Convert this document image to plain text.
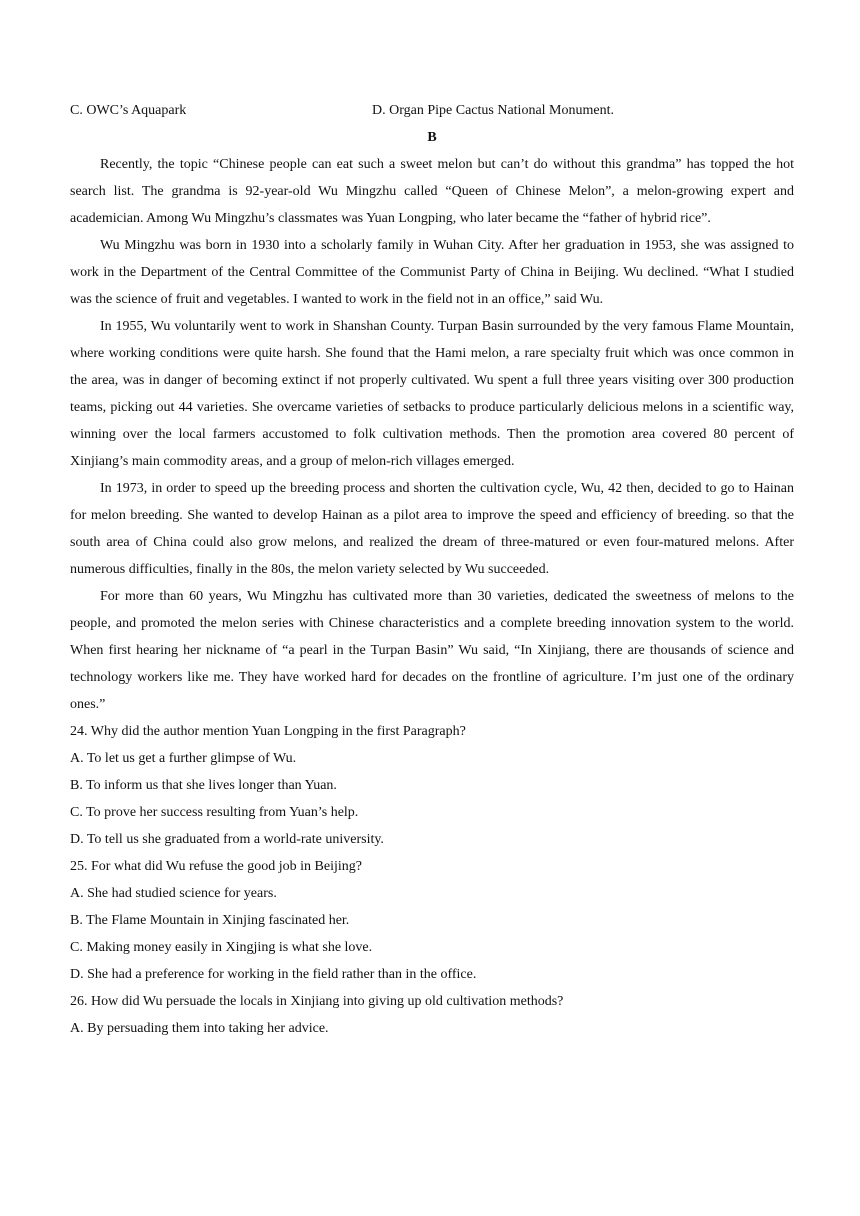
C. OWC’s Aquapark	D. Organ Pipe Cactus National Monument.
B

Recently, the topic “Chinese people can eat such a sweet melon but can’t do without this grandma” has topped the hot search list. The grandma is 92-year-old Wu Mingzhu called “Queen of Chinese Melon”, a melon-growing expert and academician. Among Wu Mingzhu’s classmates was Yuan Longping, who later became the “father of hybrid rice”.

Wu Mingzhu was born in 1930 into a scholarly family in Wuhan City. After her graduation in 1953, she was assigned to work in the Department of the Central Committee of the Communist Party of China in Beijing. Wu declined. “What I studied was the science of fruit and vegetables. I wanted to work in the field not in an office,” said Wu.

In 1955, Wu voluntarily went to work in Shanshan County. Turpan Basin surrounded by the very famous Flame Mountain, where working conditions were quite harsh. She found that the Hami melon, a rare specialty fruit which was once common in the area, was in danger of becoming extinct if not properly cultivated. Wu spent a full three years visiting over 300 production teams, picking out 44 varieties. She overcame varieties of setbacks to produce particularly delicious melons in a scientific way, winning over the local farmers accustomed to folk cultivation methods. Then the promotion area covered 80 percent of Xinjiang’s main commodity areas, and a group of melon-rich villages emerged.

In 1973, in order to speed up the breeding process and shorten the cultivation cycle, Wu, 42 then, decided to go to Hainan for melon breeding. She wanted to develop Hainan as a pilot area to improve the speed and efficiency of breeding. so that the south area of China could also grow melons, and realized the dream of three-matured or even four-matured melons. After numerous difficulties, finally in the 80s, the melon variety selected by Wu succeeded.

For more than 60 years, Wu Mingzhu has cultivated more than 30 varieties, dedicated the sweetness of melons to the people, and promoted the melon series with Chinese characteristics and a complete breeding innovation system to the world. When first hearing her nickname of “a pearl in the Turpan Basin” Wu said, “In Xinjiang, there are thousands of science and technology workers like me. They have worked hard for decades on the frontline of agriculture. I’m just one of the ordinary ones.”

24. Why did the author mention Yuan Longping in the first Paragraph?
A. To let us get a further glimpse of Wu.
B. To inform us that she lives longer than Yuan.
C. To prove her success resulting from Yuan’s help.
D. To tell us she graduated from a world-rate university.
25. For what did Wu refuse the good job in Beijing?
A. She had studied science for years.
B. The Flame Mountain in Xinjing fascinated her.
C. Making money easily in Xingjing is what she love.
D. She had a preference for working in the field rather than in the office.
26. How did Wu persuade the locals in Xinjiang into giving up old cultivation methods?
A. By persuading them into taking her advice.
